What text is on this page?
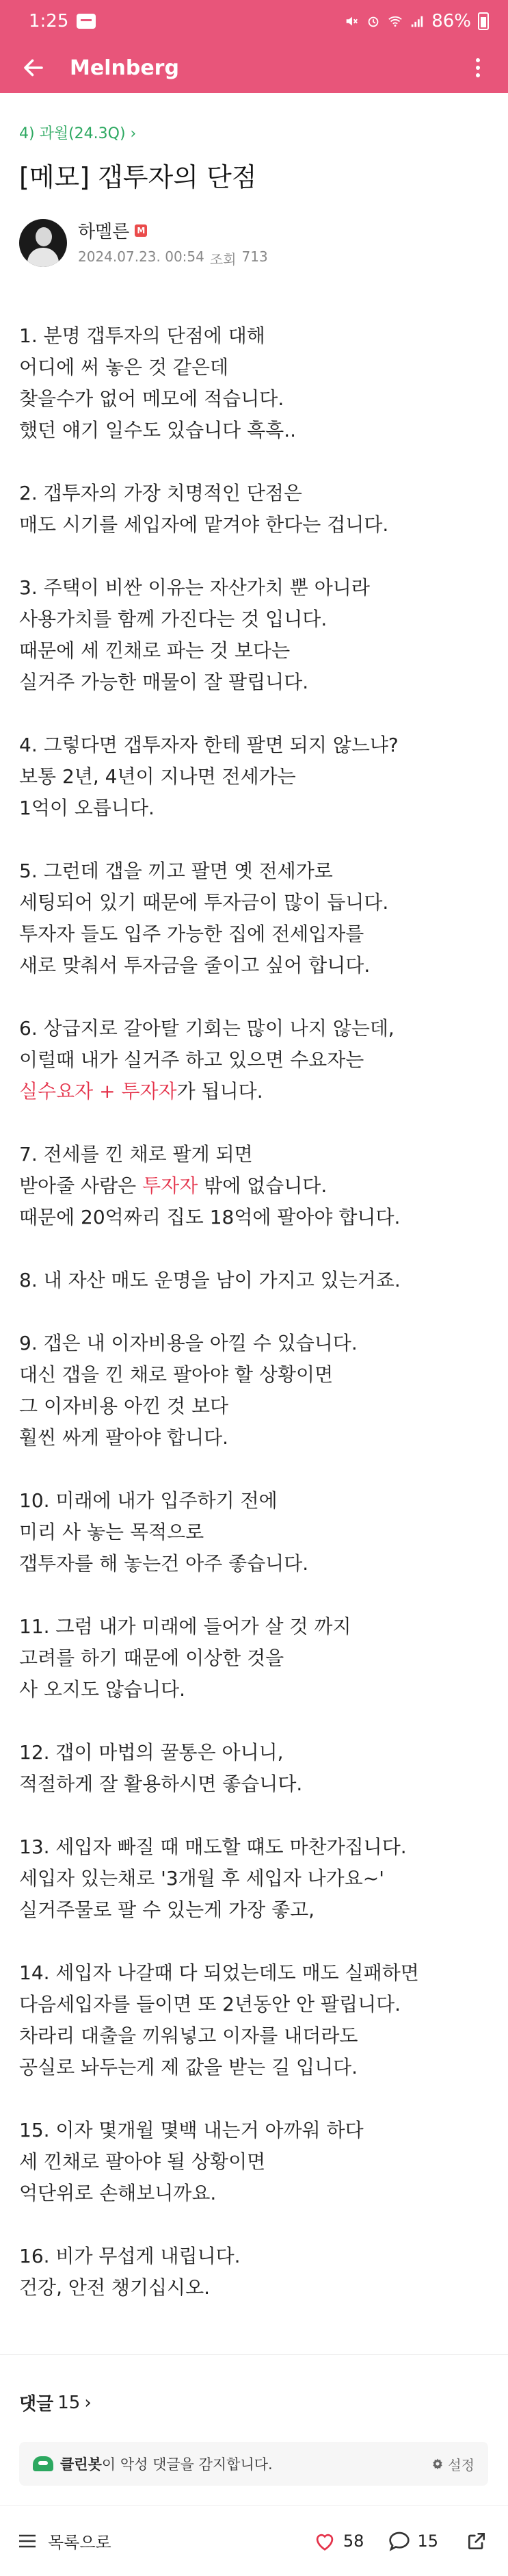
1:25	86%
Melnberg
4) 과월(24.3Q) ›
[메모] 갭투자의 단점
하멜른 M
2024.07.23. 00:54 조회 713
1. 분명 갭투자의 단점에 대해
어디에 써 놓은 것 같은데
찾을수가 없어 메모에 적습니다.
했던 얘기 일수도 있습니다 흑흑..
2. 갭투자의 가장 치명적인 단점은
매도 시기를 세입자에 맡겨야 한다는 겁니다.
3. 주택이 비싼 이유는 자산가치 뿐 아니라
사용가치를 함께 가진다는 것 입니다.
때문에 세 낀채로 파는 것 보다는
실거주 가능한 매물이 잘 팔립니다.
4. 그렇다면 갭투자자 한테 팔면 되지 않느냐?
보통 2년, 4년이 지나면 전세가는
1억이 오릅니다.
5. 그런데 갭을 끼고 팔면 옛 전세가로
세팅되어 있기 때문에 투자금이 많이 듭니다.
투자자 들도 입주 가능한 집에 전세입자를
새로 맞춰서 투자금을 줄이고 싶어 합니다.
6. 상급지로 갈아탈 기회는 많이 나지 않는데,
이럴때 내가 실거주 하고 있으면 수요자는
실수요자 + 투자자가 됩니다.
7. 전세를 낀 채로 팔게 되면
받아줄 사람은 투자자 밖에 없습니다.
때문에 20억짜리 집도 18억에 팔아야 합니다.
8. 내 자산 매도 운명을 남이 가지고 있는거죠.
9. 갭은 내 이자비용을 아낄 수 있습니다.
대신 갭을 낀 채로 팔아야 할 상황이면
그 이자비용 아낀 것 보다
훨씬 싸게 팔아야 합니다.
10. 미래에 내가 입주하기 전에
미리 사 놓는 목적으로
갭투자를 해 놓는건 아주 좋습니다.
11. 그럼 내가 미래에 들어가 살 것 까지
고려를 하기 때문에 이상한 것을
사 오지도 않습니다.
12. 갭이 마법의 꿀통은 아니니,
적절하게 잘 활용하시면 좋습니다.
13. 세입자 빠질 때 매도할 떄도 마찬가집니다.
세입자 있는채로 '3개월 후 세입자 나가요~'
실거주물로 팔 수 있는게 가장 좋고,
14. 세입자 나갈때 다 되었는데도 매도 실패하면
다음세입자를 들이면 또 2년동안 안 팔립니다.
차라리 대출을 끼워넣고 이자를 내더라도
공실로 놔두는게 제 값을 받는 길 입니다.
15. 이자 몇개월 몇백 내는거 아까워 하다
세 낀채로 팔아야 될 상황이면
억단위로 손해보니까요.
16. 비가 무섭게 내립니다.
건강, 안전 챙기십시오.
댓글 15 ›
클린봇이 악성 댓글을 감지합니다.	설정
목록으로	58	15
